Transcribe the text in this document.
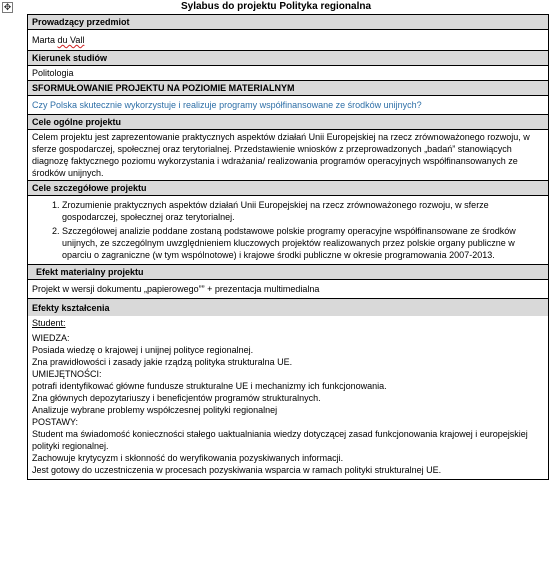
✥	Sylabus do projektu Polityka regionalna
Prowadzący przedmiot
Marta du Vall
Kierunek studiów
Politologia
SFORMUŁOWANIE PROJEKTU NA POZIOMIE MATERIALNYM
Czy Polska skutecznie wykorzystuje i realizuje programy współfinansowane ze środków unijnych?
Cele ogólne projektu
Celem projektu jest zaprezentowanie praktycznych aspektów działań Unii Europejskiej na rzecz zrównoważonego rozwoju, w sferze gospodarczej, społecznej oraz terytorialnej. Przedstawienie wniosków z przeprowadzonych „badań” stanowiących diagnozę faktycznego poziomu wykorzystania i wdrażania/ realizowania programów operacyjnych współfinansowanych ze środków unijnych.
Cele szczegółowe projektu

1. Zrozumienie praktycznych aspektów działań Unii Europejskiej na rzecz zrównoważonego rozwoju, w sferze gospodarczej, społecznej oraz terytorialnej.
2. Szczegółowej analizie poddane zostaną podstawowe polskie programy operacyjne współfinansowane ze środków unijnych, ze szczególnym uwzględnieniem kluczowych projektów realizowanych przez polskie organy publiczne w oparciu o zagraniczne (w tym wspólnotowe) i krajowe środki publiczne w okresie programowania 2007-2013.

Efekt materialny projektu
Projekt w wersji dokumentu „papierowego”” + prezentacja multimedialna

Efekty kształcenia
Student:
WIEDZA:
Posiada wiedzę o krajowej i unijnej polityce regionalnej.
Zna prawidłowości i zasady jakie rządzą polityka strukturalna UE.
UMIEJĘTNOŚCI:
potrafi identyfikować główne fundusze strukturalne UE i mechanizmy ich funkcjonowania.
Zna głównych depozytariuszy i beneficjentów programów strukturalnych.
Analizuje wybrane problemy współczesnej polityki regionalnej
POSTAWY:
Student ma świadomość konieczności stałego uaktualniania wiedzy dotyczącej zasad funkcjonowania krajowej i europejskiej polityki regionalnej.
Zachowuje krytycyzm i skłonność do weryfikowania pozyskiwanych informacji.
Jest gotowy do uczestniczenia w procesach pozyskiwania wsparcia w ramach polityki strukturalnej UE.
